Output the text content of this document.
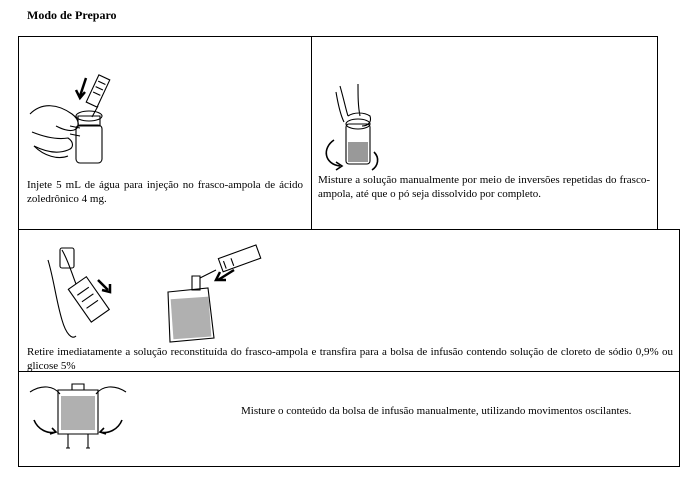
Modo de Preparo
Injete 5 mL de água para injeção no frasco-ampola de ácido zoledrônico 4 mg.
Misture a solução manualmente por meio de inversões repetidas do frasco-ampola, até que o pó seja dissolvido por completo.
Retire imediatamente a solução reconstituída do frasco-ampola e transfira para a bolsa de infusão contendo solução de cloreto de sódio 0,9% ou glicose 5%
Misture o conteúdo da bolsa de infusão manualmente, utilizando movimentos oscilantes.
